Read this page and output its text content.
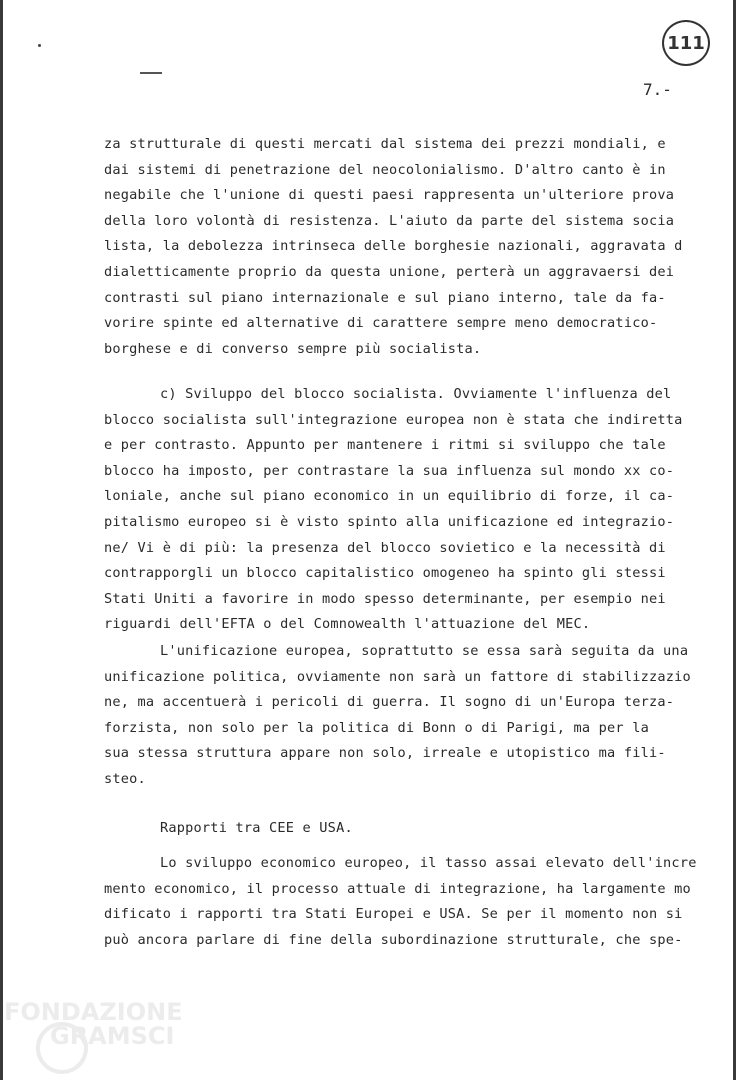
111
7.-
za strutturale di questi mercati dal sistema dei prezzi mondiali, e
dai sistemi di penetrazione del neocolonialismo. D'altro canto è in
negabile che l'unione di questi paesi rappresenta un'ulteriore prova
della loro volontà di resistenza. L'aiuto da parte del sistema socia
lista, la debolezza intrinseca delle borghesie nazionali, aggravata d
dialetticamente proprio da questa unione, perterà un aggravaersi dei
contrasti sul piano internazionale e sul piano interno, tale da fa-
vorire spinte ed alternative di carattere sempre meno democratico-
borghese e di converso sempre più socialista.
c) Sviluppo del blocco socialista. Ovviamente l'influenza del
blocco socialista sull'integrazione europea non è stata che indiretta
e per contrasto. Appunto per mantenere i ritmi si sviluppo che tale
blocco ha imposto, per contrastare la sua influenza sul mondo xx co-
loniale, anche sul piano economico in un equilibrio di forze, il ca-
pitalismo europeo si è visto spinto alla unificazione ed integrazio-
ne/ Vi è di più: la presenza del blocco sovietico e la necessità di
contrapporgli un blocco capitalistico omogeneo ha spinto gli stessi
Stati Uniti a favorire in modo spesso determinante, per esempio nei
riguardi dell'EFTA o del Comnowealth l'attuazione del MEC.
L'unificazione europea, soprattutto se essa sarà seguita da una
unificazione politica, ovviamente non sarà un fattore di stabilizzazio
ne, ma accentuerà i pericoli di guerra. Il sogno di un'Europa terza-
forzista, non solo per la politica di Bonn o di Parigi, ma per la
sua stessa struttura appare non solo, irreale e utopistico ma fili-
steo.
Rapporti tra CEE e USA.
Lo sviluppo economico europeo, il tasso assai elevato dell'incre
mento economico, il processo attuale di integrazione, ha largamente mo
dificato i rapporti tra Stati Europei e USA. Se per il momento non si
può ancora parlare di fine della subordinazione strutturale, che spe-
FONDAZIONE
GRAMSCI
